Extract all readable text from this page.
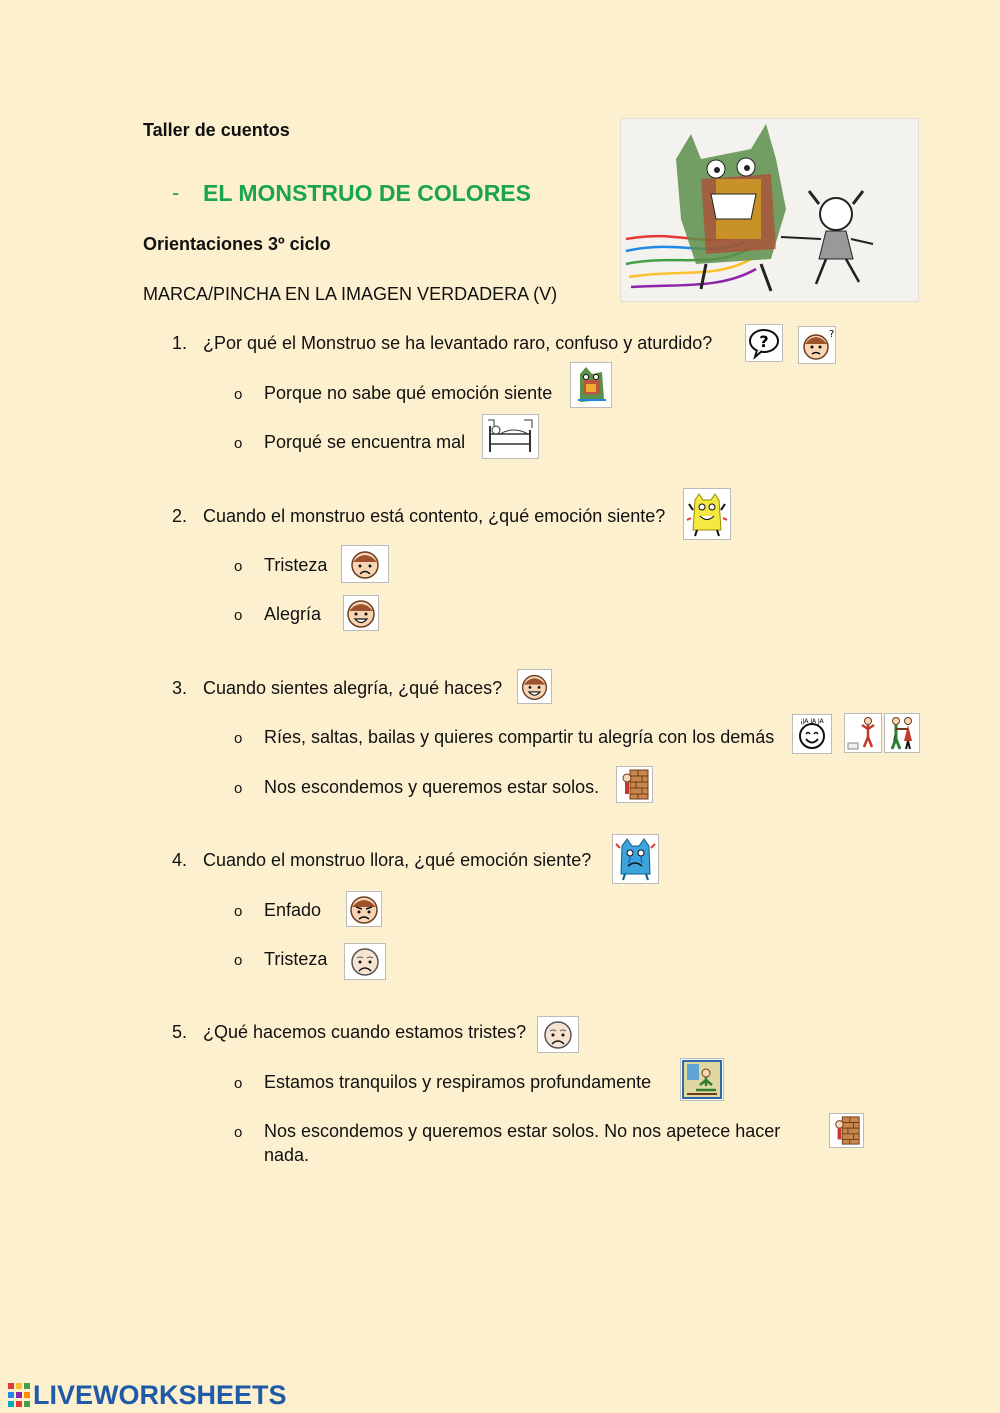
Taller de cuentos
- EL MONSTRUO DE COLORES
Orientaciones 3º ciclo
MARCA/PINCHA EN LA IMAGEN VERDADERA (V)
1. ¿Por qué el Monstruo se ha levantado raro, confuso y aturdido?	?	?
o Porque no sabe qué emoción siente
o Porqué se encuentra mal
2. Cuando el monstruo está contento, ¿qué emoción siente?
o Tristeza
o Alegría
3. Cuando sientes alegría, ¿qué haces?
o Ríes, saltas, bailas y quieres compartir tu alegría con los demás
¡JA JA JA
o Nos escondemos y queremos estar solos.
4. Cuando el monstruo llora, ¿qué emoción siente?
o Enfado
o Tristeza
5. ¿Qué hacemos cuando estamos tristes?
o Estamos tranquilos y respiramos profundamente
o Nos escondemos y queremos estar solos. No nos apetece hacer
nada.
LIVEWORKSHEETS
